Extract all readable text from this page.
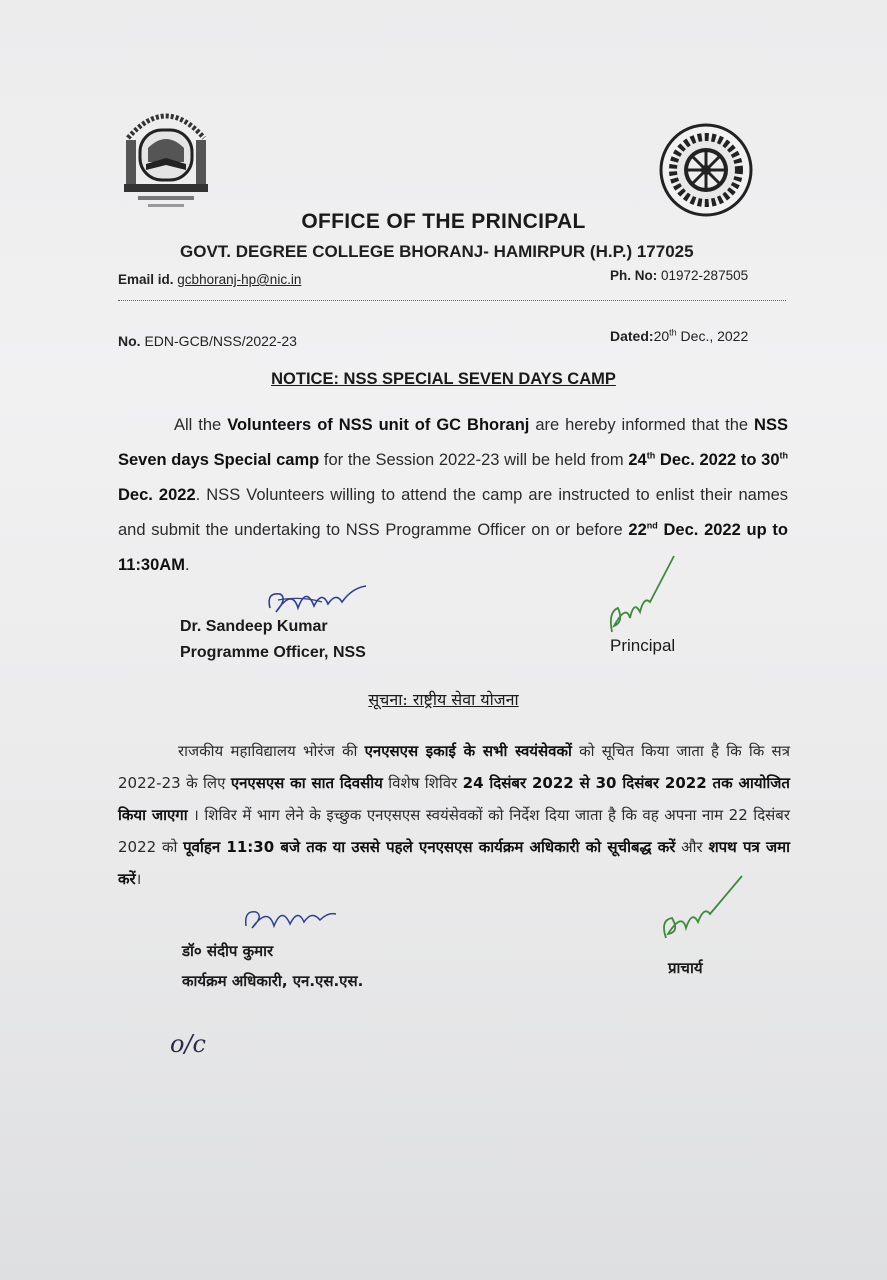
OFFICE OF THE PRINCIPAL
GOVT. DEGREE COLLEGE BHORANJ- HAMIRPUR (H.P.) 177025
Email id. gcbhoranj-hp@nic.in	Ph. No: 01972-287505
No. EDN-GCB/NSS/2022-23	Dated:20th Dec., 2022
NOTICE: NSS SPECIAL SEVEN DAYS CAMP

All the Volunteers of NSS unit of GC Bhoranj are hereby informed that the NSS Seven days Special camp for the Session 2022-23 will be held from 24th Dec. 2022 to 30th Dec. 2022. NSS Volunteers willing to attend the camp are instructed to enlist their names and submit the undertaking to NSS Programme Officer on or before 22nd Dec. 2022 up to 11:30AM.

Dr. Sandeep Kumar
Programme Officer, NSS	Principal
सूचना: राष्ट्रीय सेवा योजना

राजकीय महाविद्यालय भोरंज की एनएसएस इकाई के सभी स्वयंसेवकों को सूचित किया जाता है कि कि सत्र 2022-23 के लिए एनएसएस का सात दिवसीय विशेष शिविर 24 दिसंबर 2022 से 30 दिसंबर 2022 तक आयोजित किया जाएगा । शिविर में भाग लेने के इच्छुक एनएसएस स्वयंसेवकों को निर्देश दिया जाता है कि वह अपना नाम 22 दिसंबर 2022 को पूर्वाहन 11:30 बजे तक या उससे पहले एनएसएस कार्यक्रम अधिकारी को सूचीबद्ध करें और शपथ पत्र जमा करें।

डॉ० संदीप कुमार
कार्यक्रम अधिकारी, एन.एस.एस.
प्राचार्य
o/c
